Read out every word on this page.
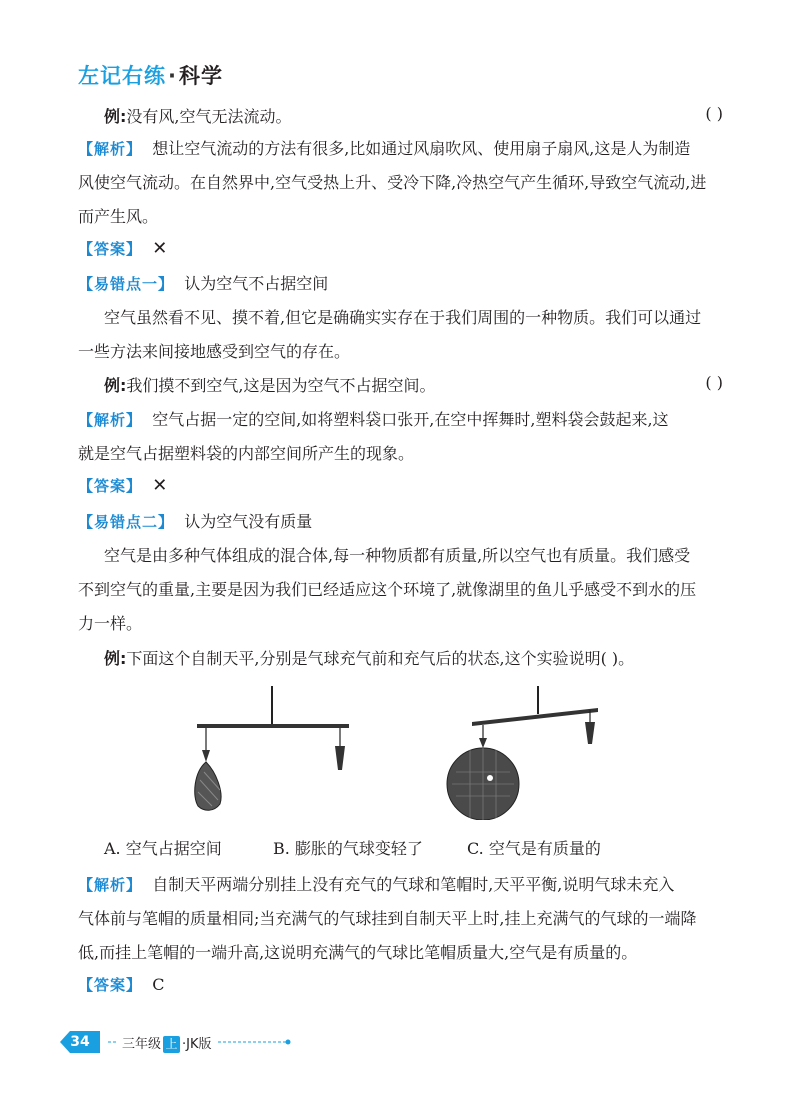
左记右练·科学
例:没有风,空气无法流动。	( )
【解析】 想让空气流动的方法有很多,比如通过风扇吹风、使用扇子扇风,这是人为制造
风使空气流动。在自然界中,空气受热上升、受冷下降,冷热空气产生循环,导致空气流动,进
而产生风。
【答案】 ✕
【易错点一】 认为空气不占据空间
空气虽然看不见、摸不着,但它是确确实实存在于我们周围的一种物质。我们可以通过
一些方法来间接地感受到空气的存在。
例:我们摸不到空气,这是因为空气不占据空间。	( )
【解析】 空气占据一定的空间,如将塑料袋口张开,在空中挥舞时,塑料袋会鼓起来,这
就是空气占据塑料袋的内部空间所产生的现象。
【答案】 ✕
【易错点二】 认为空气没有质量
空气是由多种气体组成的混合体,每一种物质都有质量,所以空气也有质量。我们感受
不到空气的重量,主要是因为我们已经适应这个环境了,就像湖里的鱼儿乎感受不到水的压
力一样。
例:下面这个自制天平,分别是气球充气前和充气后的状态,这个实验说明( )。
A. 空气占据空间	B. 膨胀的气球变轻了	C. 空气是有质量的
【解析】 自制天平两端分别挂上没有充气的气球和笔帽时,天平平衡,说明气球未充入
气体前与笔帽的质量相同;当充满气的气球挂到自制天平上时,挂上充满气的气球的一端降
低,而挂上笔帽的一端升高,这说明充满气的气球比笔帽质量大,空气是有质量的。
【答案】 C
34	三年级 上 ·JK版
